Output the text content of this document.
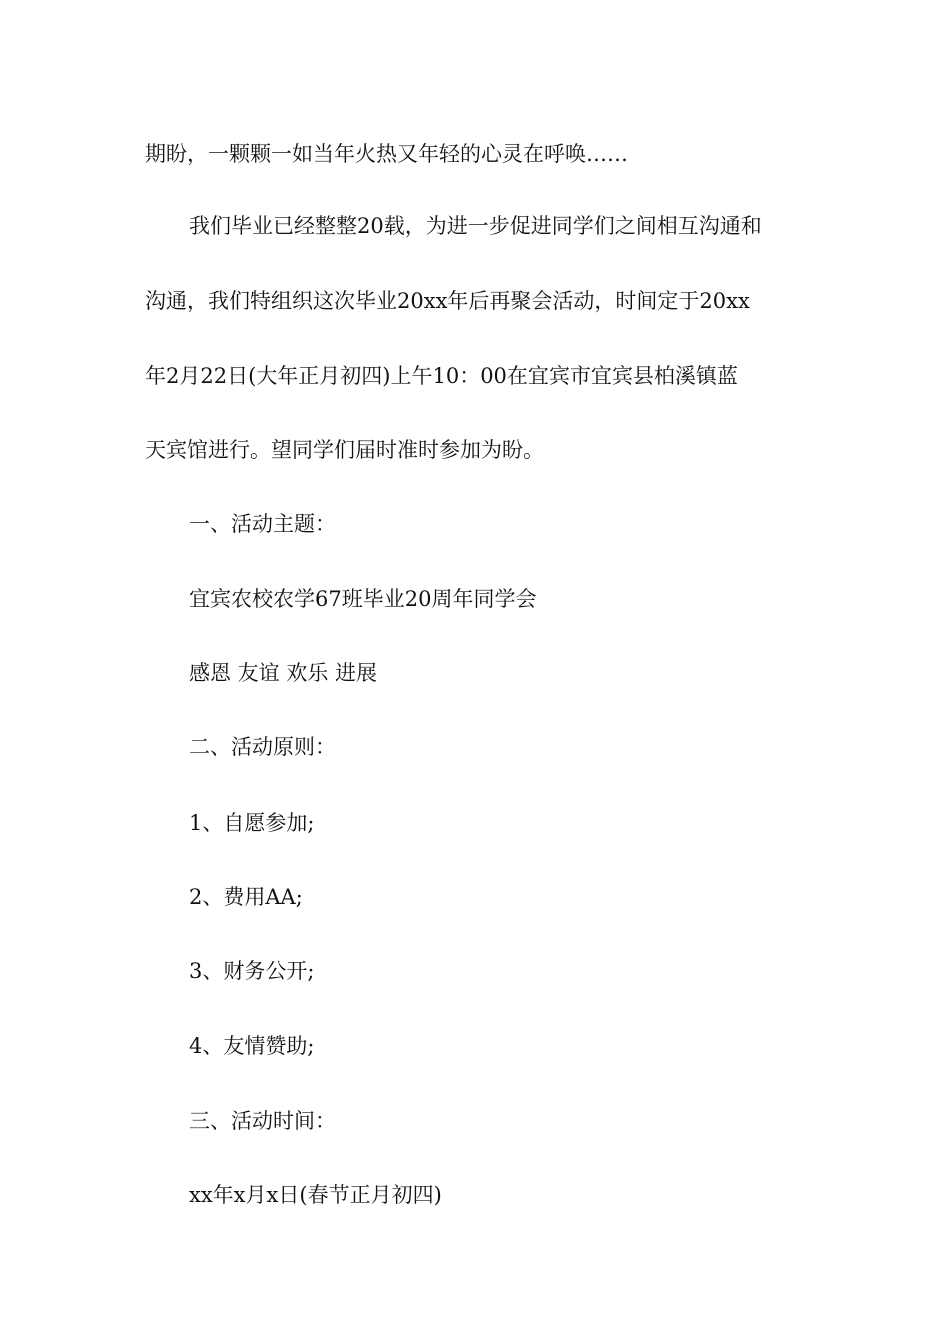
期盼，一颗颗一如当年火热又年轻的心灵在呼唤……

我们毕业已经整整20载，为进一步促进同学们之间相互沟通和

沟通，我们特组织这次毕业20xx年后再聚会活动，时间定于20xx

年2月22日(大年正月初四)上午10：00在宜宾市宜宾县柏溪镇蓝

天宾馆进行。望同学们届时准时参加为盼。

一、活动主题：

宜宾农校农学67班毕业20周年同学会

感恩 友谊 欢乐 进展

二、活动原则：

1、自愿参加;

2、费用AA;

3、财务公开;

4、友情赞助;

三、活动时间：

xx年x月x日(春节正月初四)
